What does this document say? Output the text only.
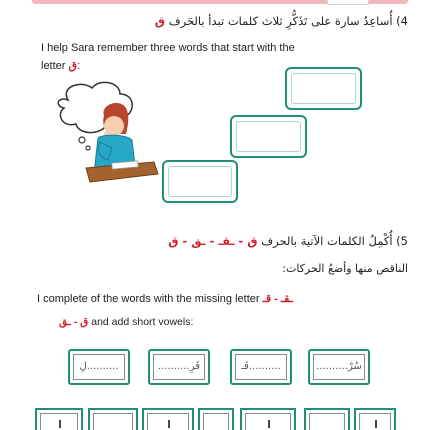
4) أُساعِدُ سارة على تَذَكُّرِ ثلاث كلمات تبدأ بالحَرف ق
I help Sara remember three words that start with the
letter ق:
5) أُكْمِلُ الكلمات الآتية بالحرف ق - ـقـ - ـق - ق
الناقص منها وأضعُ الحركات:
I complete of the words with the missing letter ـقـ - قـ
ق - ـق and add short vowels:
سُرْ..........
..........فَـ
فَرِ..........
..........لِ
